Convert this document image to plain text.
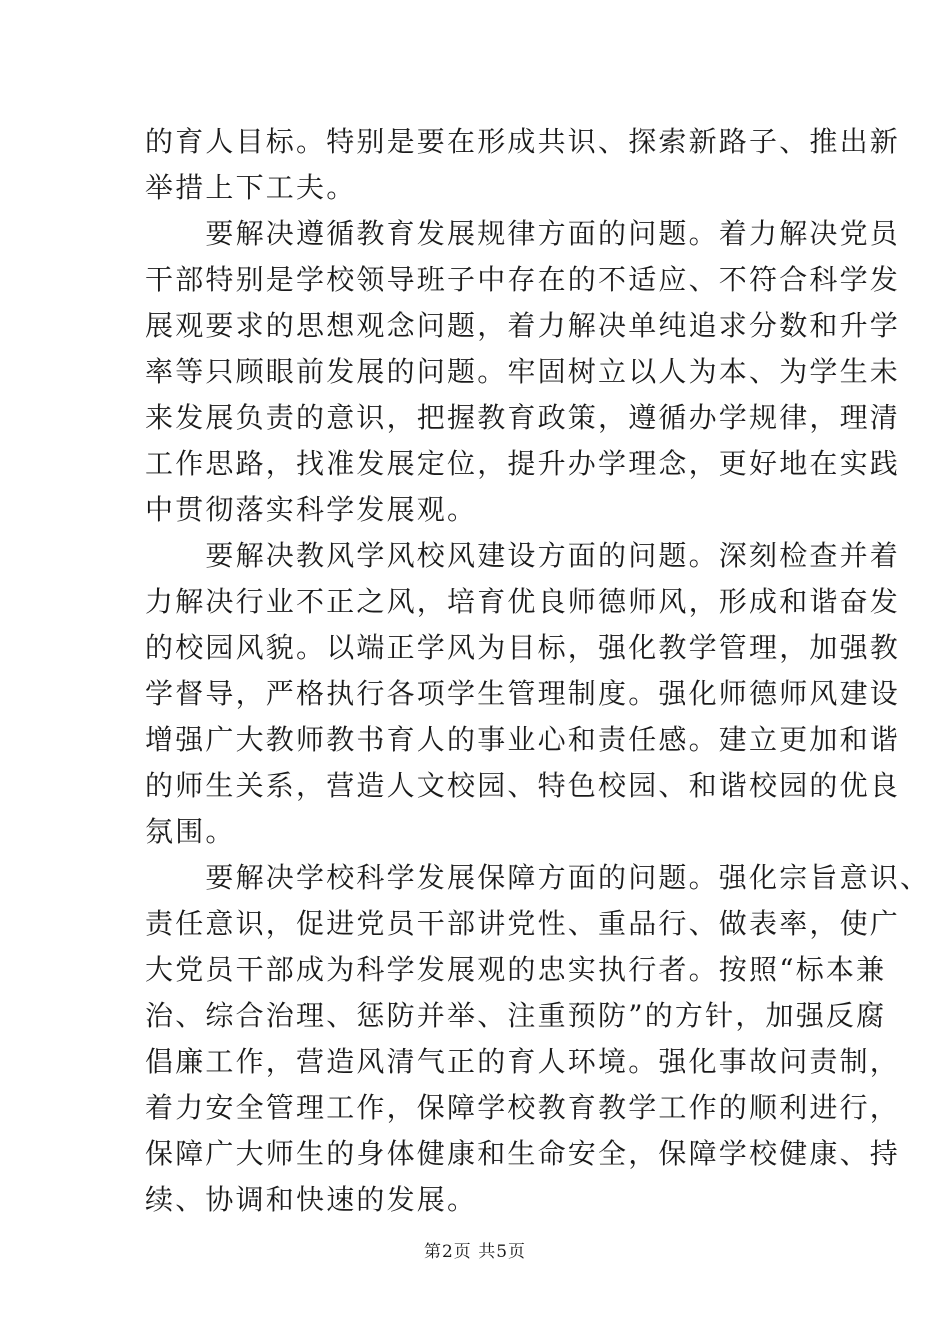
的育人目标。特别是要在形成共识、探索新路子、推出新
举措上下工夫。
　　要解决遵循教育发展规律方面的问题。着力解决党员
干部特别是学校领导班子中存在的不适应、不符合科学发
展观要求的思想观念问题，着力解决单纯追求分数和升学
率等只顾眼前发展的问题。牢固树立以人为本、为学生未
来发展负责的意识，把握教育政策，遵循办学规律，理清
工作思路，找准发展定位，提升办学理念，更好地在实践
中贯彻落实科学发展观。
　　要解决教风学风校风建设方面的问题。深刻检查并着
力解决行业不正之风，培育优良师德师风，形成和谐奋发
的校园风貌。以端正学风为目标，强化教学管理，加强教
学督导，严格执行各项学生管理制度。强化师德师风建设
增强广大教师教书育人的事业心和责任感。建立更加和谐
的师生关系，营造人文校园、特色校园、和谐校园的优良
氛围。
　　要解决学校科学发展保障方面的问题。强化宗旨意识、
责任意识，促进党员干部讲党性、重品行、做表率，使广
大党员干部成为科学发展观的忠实执行者。按照“标本兼
治、综合治理、惩防并举、注重预防”的方针，加强反腐
倡廉工作，营造风清气正的育人环境。强化事故问责制，
着力安全管理工作，保障学校教育教学工作的顺利进行，
保障广大师生的身体健康和生命安全，保障学校健康、持
续、协调和快速的发展。
第2页 共5页
